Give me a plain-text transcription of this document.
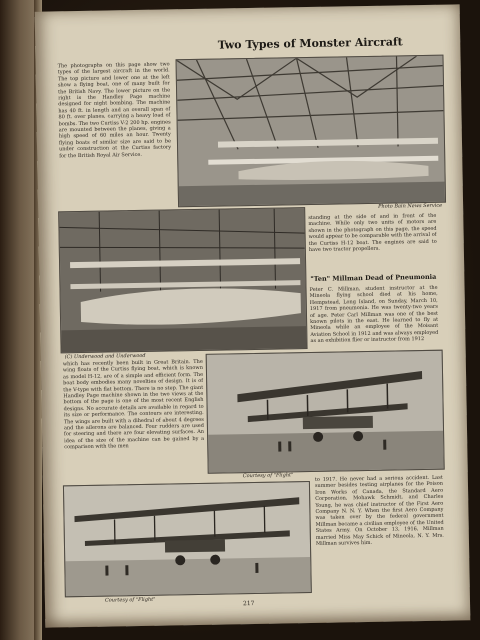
Two Types of Monster Aircraft
The photographs on this page show two types of the largest aircraft in the world. The top picture and lower one at the left show a flying boat, one of many built for the British Navy. The lower picture on the right is the Handley Page machine designed for night bombing. The machine has 40 ft. in length and an overall span of 80 ft. over planes, carrying a heavy load of bombs. The two Curtiss V-2 200 hp. engines are mounted between the planes, giving a high speed of 60 miles an hour. Twenty flying boats of similar size are said to be under construction at the Curtiss factory for the British Royal Air Service.
Photo Bain News Service
(C) Underwood and Underwood
standing at the side of and in front of the machine. While only two units of motors are shown in the photograph on this page, the speed would appear to be comparable with the arrival of the Curtiss H-12 boat. The engines are said to have two tractor propellers.
"Ten" Millman Dead of Pneumonia
Peter C. Millman, student instructor at the Mineola flying school died at his home, Hempstead, Long Island, on Sunday, March 10, 1917 from pneumonia. He was twenty-two years of age. Peter Carl Millman was one of the best known pilots in the east. He learned to fly at Mineola while an employee of the Moisant Aviation School in 1912 and was always employed as an exhibition flier or instructor from 1912
which has recently been built in Great Britain. The wing floats of the Curtiss flying boat, which is known as model H-12, are of a simple and efficient form. The boat body embodies many novelties of design. It is of the V-type with flat bottom. There is no step. The giant Handley Page machine shown in the two views at the bottom of the page is one of the most recent English designs. No accurate details are available in regard to its size or performance. The contours are interesting. The wings are built with a dihedral of about 4 degrees and the ailerons are balanced. Four rudders are used for steering and there are four elevating surfaces. An idea of the size of the machine can be gained by a comparison with the men
Courtesy of "Flight"
Courtesy of "Flight"
to 1917. He never had a serious accident. Last summer besides testing airplanes for the Poison Iron Works of Canada, the Standard Aero Corporation, Mohawk Schmidt, and Charles Young, he was chief instructor of the First Aero Company N. N. Y. When the first Aero Company was taken over by the federal government Millman became a civilian employee of the United States Army. On October 13, 1916, Millman married Miss May Schick of Mineola, N. Y. Mrs. Millman survives him.
217
